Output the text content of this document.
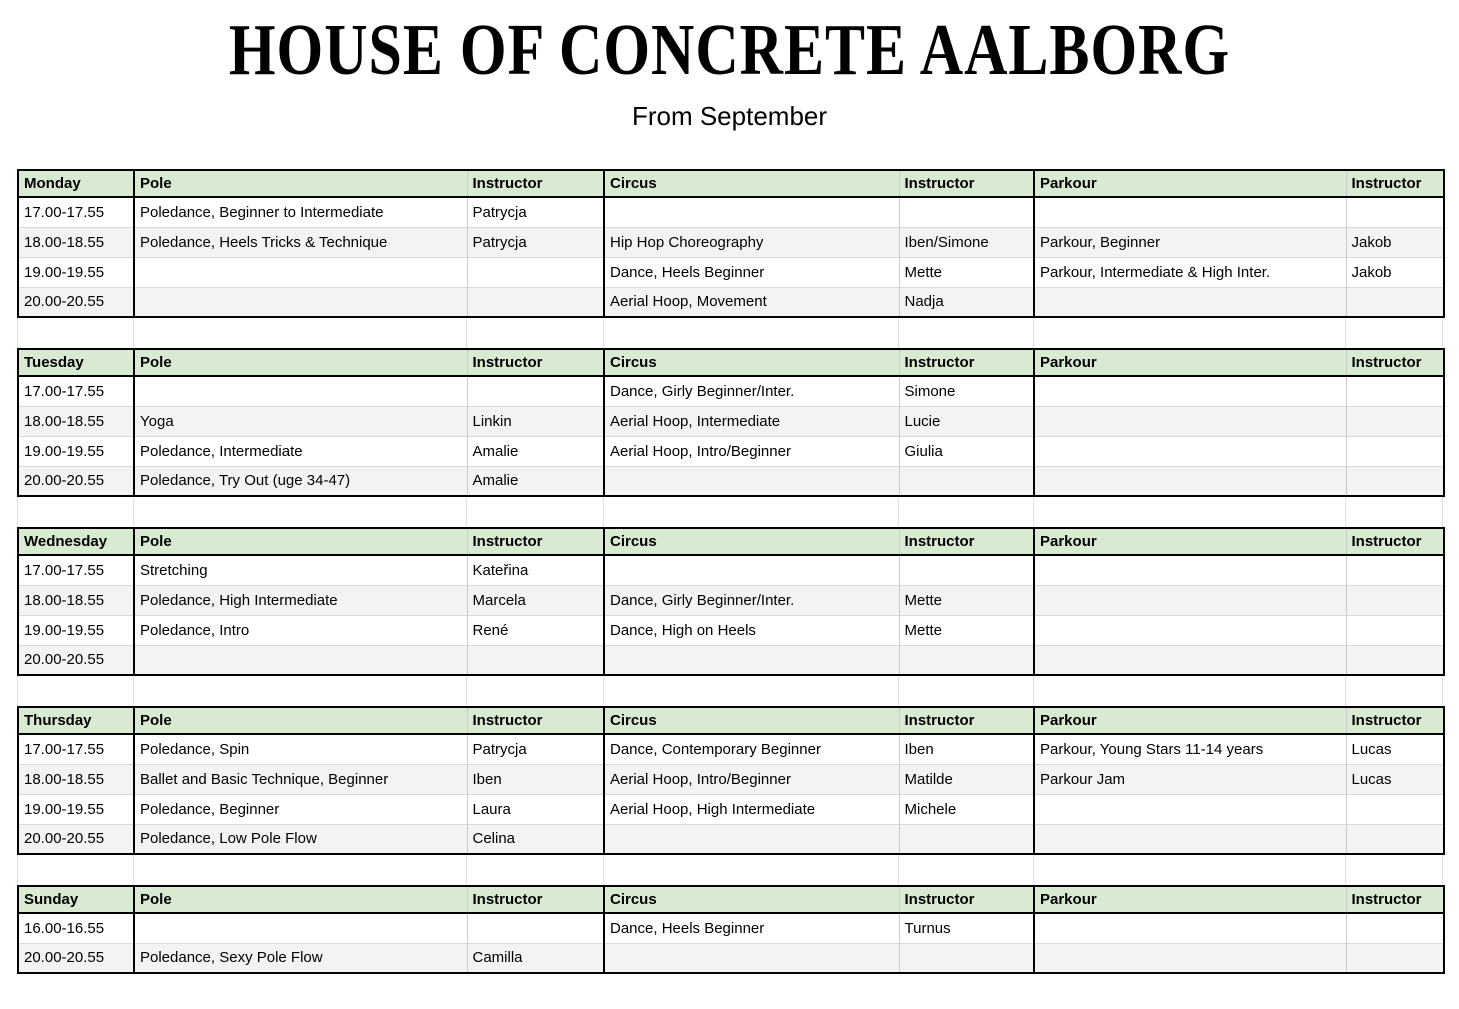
HOUSE OF CONCRETE AALBORG
From September
Monday	Pole	Instructor	Circus	Instructor	Parkour	Instructor
17.00-17.55	Poledance, Beginner to Intermediate	Patrycja				
18.00-18.55	Poledance, Heels Tricks & Technique	Patrycja	Hip Hop Choreography	Iben/Simone	Parkour, Beginner	Jakob
19.00-19.55			Dance, Heels Beginner	Mette	Parkour, Intermediate & High Inter.	Jakob
20.00-20.55			Aerial Hoop, Movement	Nadja		
Tuesday	Pole	Instructor	Circus	Instructor	Parkour	Instructor
17.00-17.55			Dance, Girly Beginner/Inter.	Simone		
18.00-18.55	Yoga	Linkin	Aerial Hoop, Intermediate	Lucie		
19.00-19.55	Poledance, Intermediate	Amalie	Aerial Hoop, Intro/Beginner	Giulia		
20.00-20.55	Poledance, Try Out (uge 34-47)	Amalie				
Wednesday	Pole	Instructor	Circus	Instructor	Parkour	Instructor
17.00-17.55	Stretching	Kateřina				
18.00-18.55	Poledance, High Intermediate	Marcela	Dance, Girly Beginner/Inter.	Mette		
19.00-19.55	Poledance, Intro	René	Dance, High on Heels	Mette		
20.00-20.55						
Thursday	Pole	Instructor	Circus	Instructor	Parkour	Instructor
17.00-17.55	Poledance, Spin	Patrycja	Dance, Contemporary Beginner	Iben	Parkour, Young Stars 11-14 years	Lucas
18.00-18.55	Ballet and Basic Technique, Beginner	Iben	Aerial Hoop, Intro/Beginner	Matilde	Parkour Jam	Lucas
19.00-19.55	Poledance, Beginner	Laura	Aerial Hoop, High Intermediate	Michele		
20.00-20.55	Poledance, Low Pole Flow	Celina				
Sunday	Pole	Instructor	Circus	Instructor	Parkour	Instructor
16.00-16.55			Dance, Heels Beginner	Turnus		
20.00-20.55	Poledance, Sexy Pole Flow	Camilla				
